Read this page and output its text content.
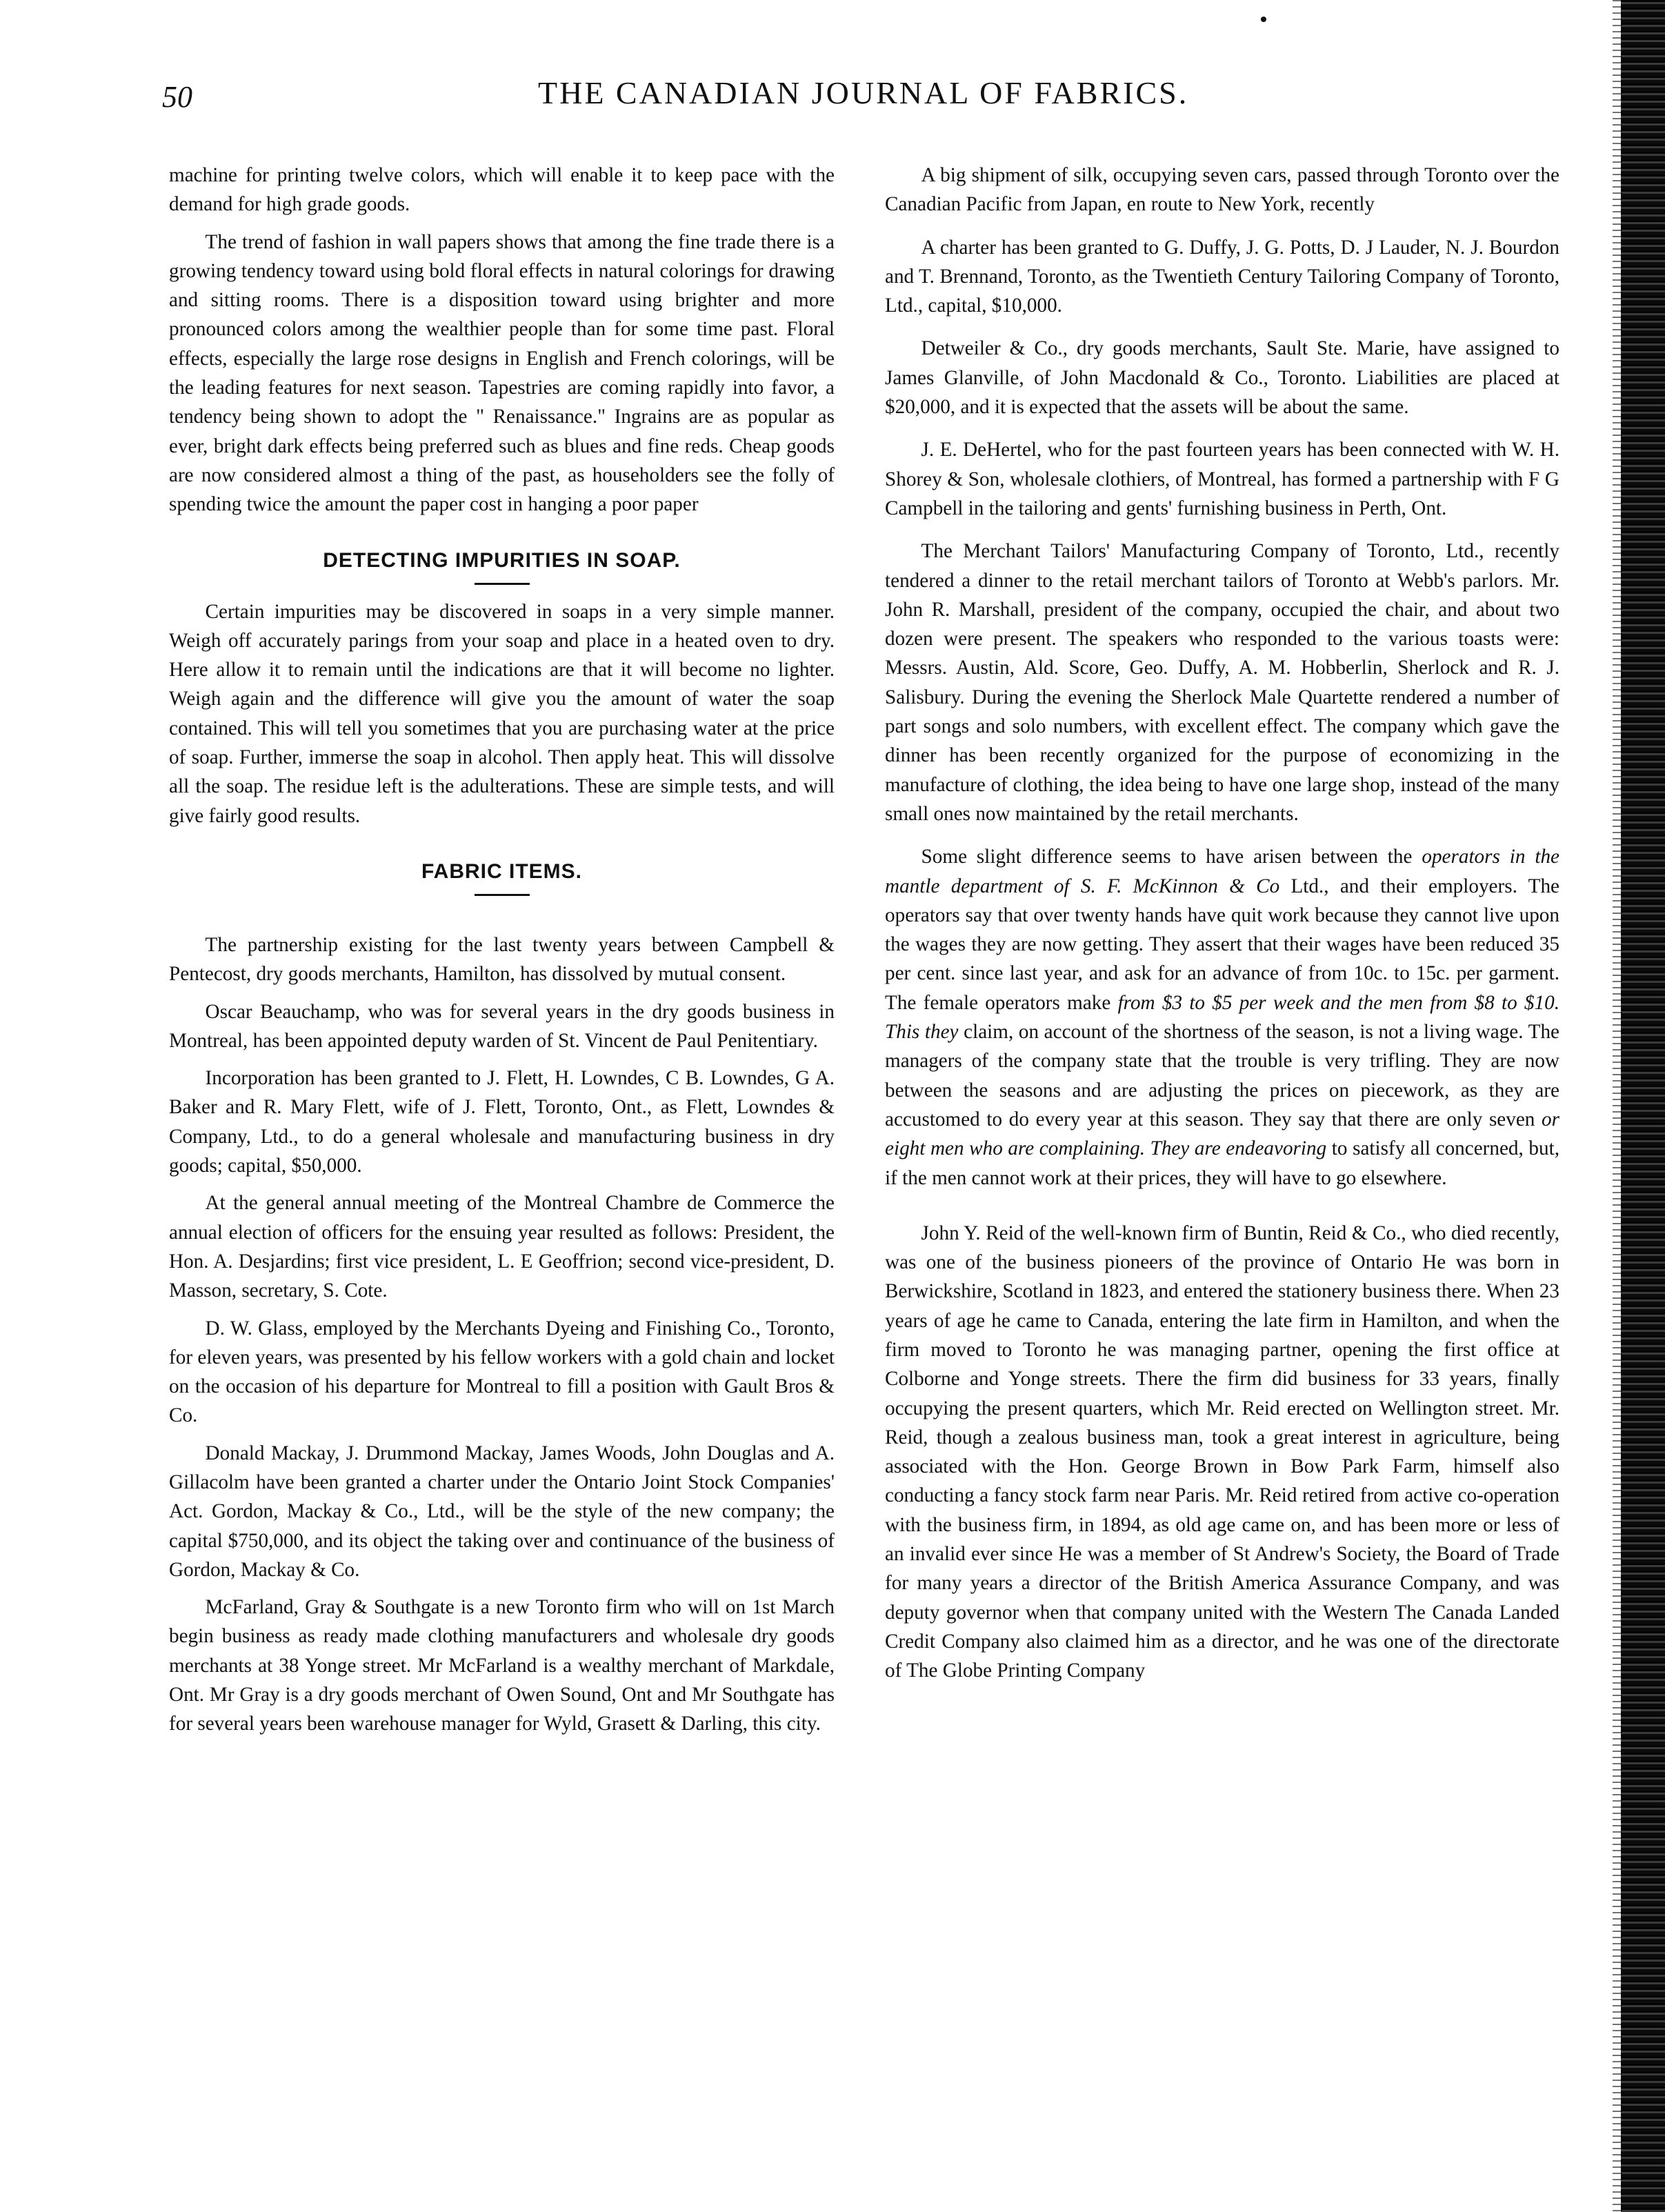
50	THE CANADIAN JOURNAL OF FABRICS.

machine for printing twelve colors, which will enable it to keep pace with the demand for high grade goods.

The trend of fashion in wall papers shows that among the fine trade there is a growing tendency toward using bold floral effects in natural colorings for drawing and sitting rooms. There is a disposition toward using brighter and more pronounced colors among the wealthier people than for some time past. Floral effects, especially the large rose designs in English and French colorings, will be the leading features for next season. Tapestries are coming rapidly into favor, a tendency being shown to adopt the " Renaissance." Ingrains are as popular as ever, bright dark effects being preferred such as blues and fine reds. Cheap goods are now considered almost a thing of the past, as householders see the folly of spending twice the amount the paper cost in hanging a poor paper

DETECTING IMPURITIES IN SOAP.

Certain impurities may be discovered in soaps in a very simple manner. Weigh off accurately parings from your soap and place in a heated oven to dry. Here allow it to remain until the indications are that it will become no lighter. Weigh again and the difference will give you the amount of water the soap contained. This will tell you sometimes that you are purchasing water at the price of soap. Further, immerse the soap in alcohol. Then apply heat. This will dissolve all the soap. The residue left is the adulterations. These are simple tests, and will give fairly good results.

FABRIC ITEMS.

The partnership existing for the last twenty years between Campbell & Pentecost, dry goods merchants, Hamilton, has dissolved by mutual consent.

Oscar Beauchamp, who was for several years in the dry goods business in Montreal, has been appointed deputy warden of St. Vincent de Paul Penitentiary.

Incorporation has been granted to J. Flett, H. Lowndes, C B. Lowndes, G A. Baker and R. Mary Flett, wife of J. Flett, Toronto, Ont., as Flett, Lowndes & Company, Ltd., to do a general wholesale and manufacturing business in dry goods; capital, $50,000.

At the general annual meeting of the Montreal Chambre de Commerce the annual election of officers for the ensuing year resulted as follows: President, the Hon. A. Desjardins; first vice president, L. E Geoffrion; second vice-president, D. Masson, secretary, S. Cote.

D. W. Glass, employed by the Merchants Dyeing and Finishing Co., Toronto, for eleven years, was presented by his fellow workers with a gold chain and locket on the occasion of his departure for Montreal to fill a position with Gault Bros & Co.

Donald Mackay, J. Drummond Mackay, James Woods, John Douglas and A. Gillacolm have been granted a charter under the Ontario Joint Stock Companies' Act. Gordon, Mackay & Co., Ltd., will be the style of the new company; the capital $750,000, and its object the taking over and continuance of the business of Gordon, Mackay & Co.

McFarland, Gray & Southgate is a new Toronto firm who will on 1st March begin business as ready made clothing manufacturers and wholesale dry goods merchants at 38 Yonge street. Mr McFarland is a wealthy merchant of Markdale, Ont. Mr Gray is a dry goods merchant of Owen Sound, Ont and Mr Southgate has for several years been warehouse manager for Wyld, Grasett & Darling, this city.

A big shipment of silk, occupying seven cars, passed through Toronto over the Canadian Pacific from Japan, en route to New York, recently

A charter has been granted to G. Duffy, J. G. Potts, D. J Lauder, N. J. Bourdon and T. Brennand, Toronto, as the Twentieth Century Tailoring Company of Toronto, Ltd., capital, $10,000.

Detweiler & Co., dry goods merchants, Sault Ste. Marie, have assigned to James Glanville, of John Macdonald & Co., Toronto. Liabilities are placed at $20,000, and it is expected that the assets will be about the same.

J. E. DeHertel, who for the past fourteen years has been connected with W. H. Shorey & Son, wholesale clothiers, of Montreal, has formed a partnership with F G Campbell in the tailoring and gents' furnishing business in Perth, Ont.

The Merchant Tailors' Manufacturing Company of Toronto, Ltd., recently tendered a dinner to the retail merchant tailors of Toronto at Webb's parlors. Mr. John R. Marshall, president of the company, occupied the chair, and about two dozen were present. The speakers who responded to the various toasts were: Messrs. Austin, Ald. Score, Geo. Duffy, A. M. Hobberlin, Sherlock and R. J. Salisbury. During the evening the Sherlock Male Quartette rendered a number of part songs and solo numbers, with excellent effect. The company which gave the dinner has been recently organized for the purpose of economizing in the manufacture of clothing, the idea being to have one large shop, instead of the many small ones now maintained by the retail merchants.

Some slight difference seems to have arisen between the operators in the mantle department of S. F. McKinnon & Co Ltd., and their employers. The operators say that over twenty hands have quit work because they cannot live upon the wages they are now getting. They assert that their wages have been reduced 35 per cent. since last year, and ask for an advance of from 10c. to 15c. per garment. The female operators make from $3 to $5 per week and the men from $8 to $10. This they claim, on account of the shortness of the season, is not a living wage. The managers of the company state that the trouble is very trifling. They are now between the seasons and are adjusting the prices on piecework, as they are accustomed to do every year at this season. They say that there are only seven or eight men who are complaining. They are endeavoring to satisfy all concerned, but, if the men cannot work at their prices, they will have to go elsewhere.

John Y. Reid of the well-known firm of Buntin, Reid & Co., who died recently, was one of the business pioneers of the province of Ontario He was born in Berwickshire, Scotland in 1823, and entered the stationery business there. When 23 years of age he came to Canada, entering the late firm in Hamilton, and when the firm moved to Toronto he was managing partner, opening the first office at Colborne and Yonge streets. There the firm did business for 33 years, finally occupying the present quarters, which Mr. Reid erected on Wellington street. Mr. Reid, though a zealous business man, took a great interest in agriculture, being associated with the Hon. George Brown in Bow Park Farm, himself also conducting a fancy stock farm near Paris. Mr. Reid retired from active co-operation with the business firm, in 1894, as old age came on, and has been more or less of an invalid ever since He was a member of St Andrew's Society, the Board of Trade for many years a director of the British America Assurance Company, and was deputy governor when that company united with the Western The Canada Landed Credit Company also claimed him as a director, and he was one of the directorate of The Globe Printing Company
